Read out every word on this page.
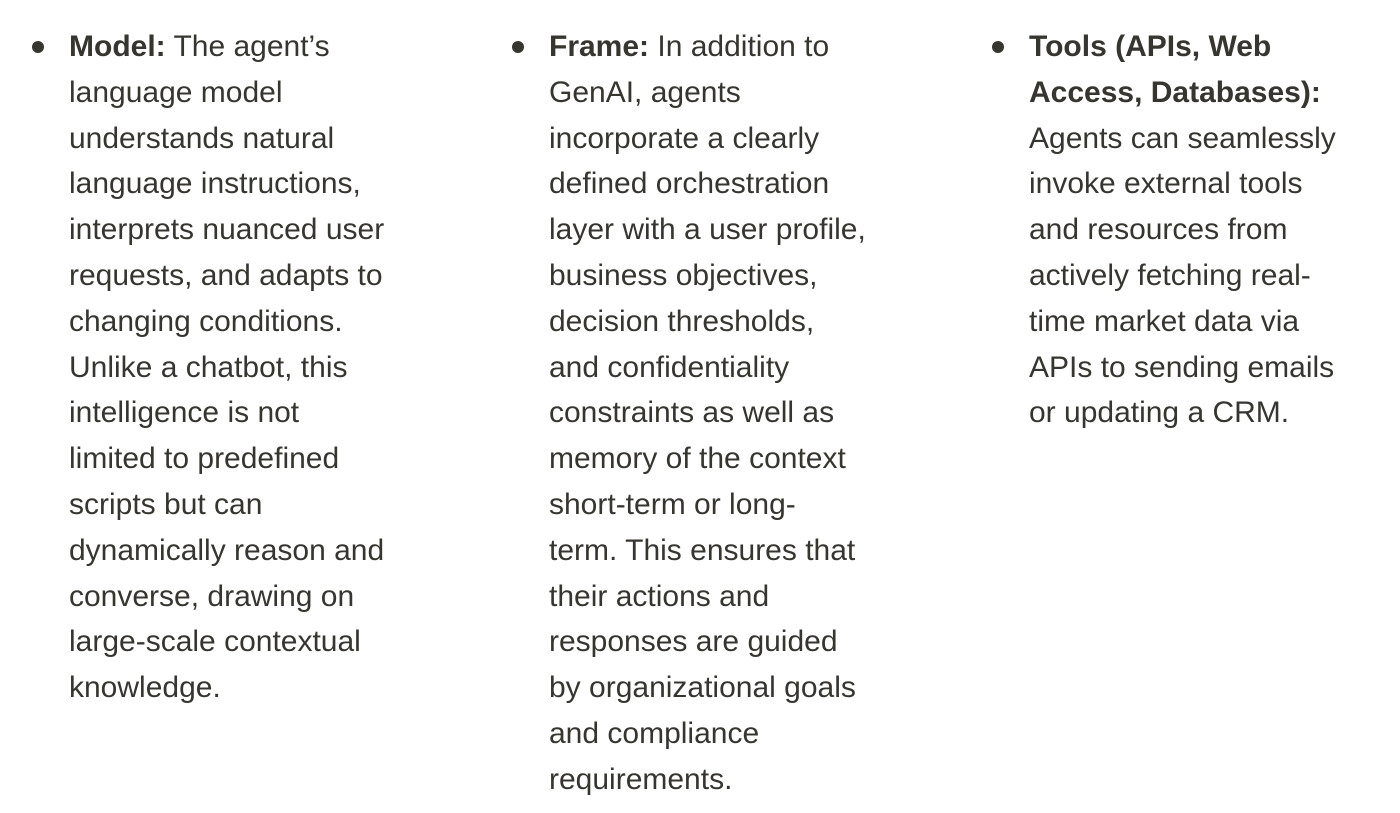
Model: The agent’s
language model
understands natural
language instructions,
interprets nuanced user
requests, and adapts to
changing conditions.
Unlike a chatbot, this
intelligence is not
limited to predefined
scripts but can
dynamically reason and
converse, drawing on
large-scale contextual
knowledge.
Frame: In addition to
GenAI, agents
incorporate a clearly
defined orchestration
layer with a user profile,
business objectives,
decision thresholds,
and confidentiality
constraints as well as
memory of the context
short-term or long-
term. This ensures that
their actions and
responses are guided
by organizational goals
and compliance
requirements.
Tools (APIs, Web
Access, Databases):
Agents can seamlessly
invoke external tools
and resources from
actively fetching real-
time market data via
APIs to sending emails
or updating a CRM.
